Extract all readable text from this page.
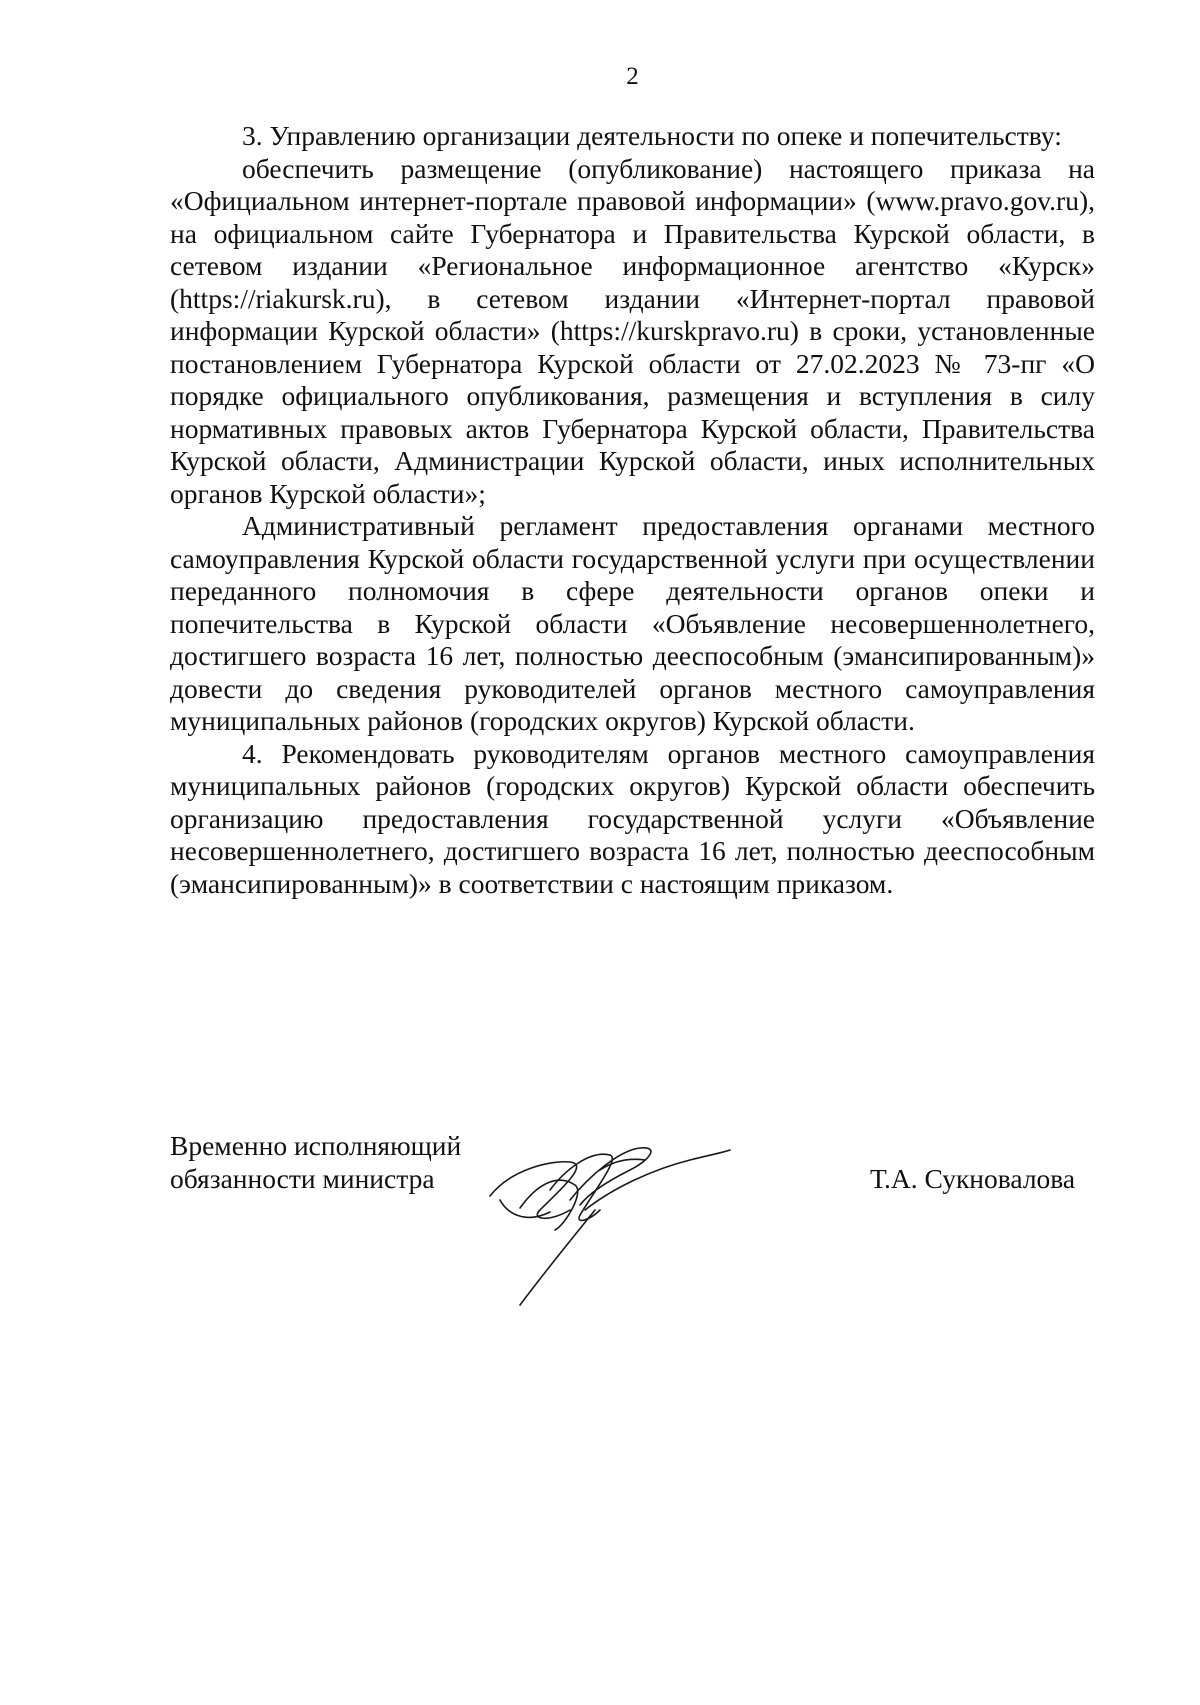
2

3. Управлению организации деятельности по опеке и попечительству:

обеспечить размещение (опубликование) настоящего приказа на «Официальном интернет-портале правовой информации» (www.pravo.gov.ru), на официальном сайте Губернатора и Правительства Курской области, в сетевом издании «Региональное информационное агентство «Курск» (https://riakursk.ru), в сетевом издании «Интернет-портал правовой информации Курской области» (https://kurskpravo.ru) в сроки, установленные постановлением Губернатора Курской области от 27.02.2023 № 73-пг «О порядке официального опубликования, размещения и вступления в силу нормативных правовых актов Губернатора Курской области, Правительства Курской области, Администрации Курской области, иных исполнительных органов Курской области»;

Административный регламент предоставления органами местного самоуправления Курской области государственной услуги при осуществлении переданного полномочия в сфере деятельности органов опеки и попечительства в Курской области «Объявление несовершеннолетнего, достигшего возраста 16 лет, полностью дееспособным (эмансипированным)» довести до сведения руководителей органов местного самоуправления муниципальных районов (городских округов) Курской области.

4. Рекомендовать руководителям органов местного самоуправления муниципальных районов (городских округов) Курской области обеспечить организацию предоставления государственной услуги «Объявление несовершеннолетнего, достигшего возраста 16 лет, полностью дееспособным (эмансипированным)» в соответствии с настоящим приказом.

Временно исполняющий
обязанности министра	Т.А. Сукновалова
